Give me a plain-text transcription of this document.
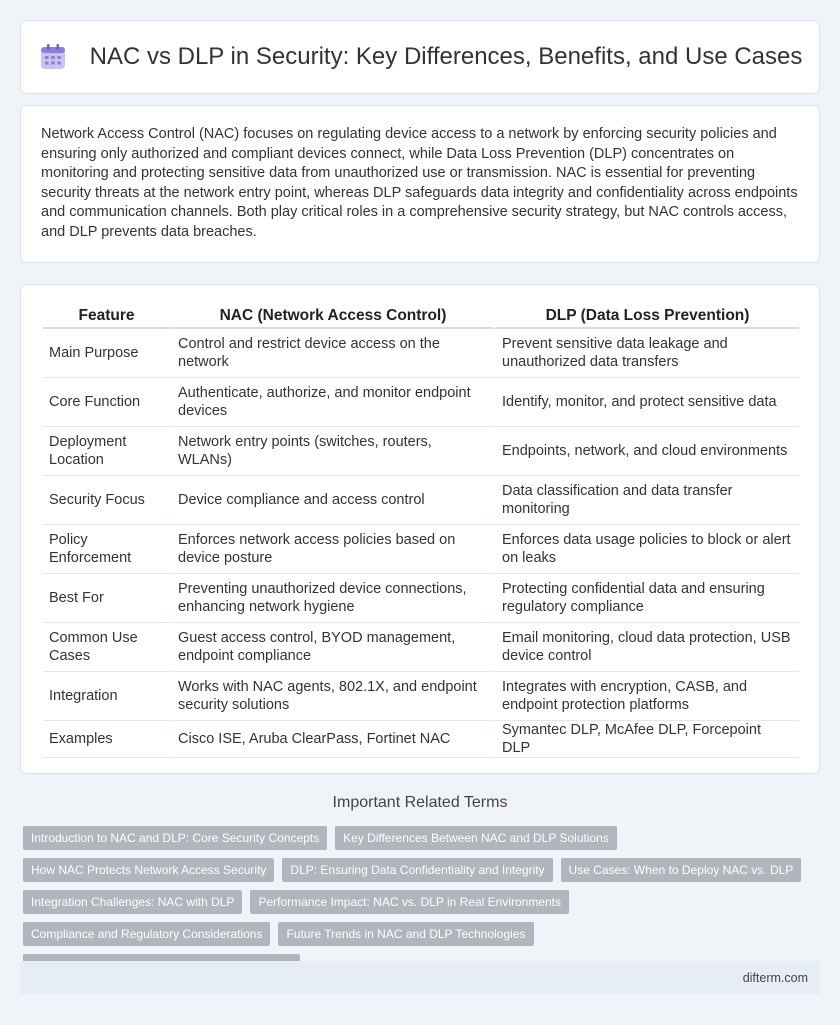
NAC vs DLP in Security: Key Differences, Benefits, and Use Cases

Network Access Control (NAC) focuses on regulating device access to a network by enforcing security policies and ensuring only authorized and compliant devices connect, while Data Loss Prevention (DLP) concentrates on monitoring and protecting sensitive data from unauthorized use or transmission. NAC is essential for preventing security threats at the network entry point, whereas DLP safeguards data integrity and confidentiality across endpoints and communication channels. Both play critical roles in a comprehensive security strategy, but NAC controls access, and DLP prevents data breaches.

Feature	NAC (Network Access Control)	DLP (Data Loss Prevention)
Main Purpose	Control and restrict device access on the network	Prevent sensitive data leakage and unauthorized data transfers
Core Function	Authenticate, authorize, and monitor endpoint devices	Identify, monitor, and protect sensitive data
Deployment Location	Network entry points (switches, routers, WLANs)	Endpoints, network, and cloud environments
Security Focus	Device compliance and access control	Data classification and data transfer monitoring
Policy Enforcement	Enforces network access policies based on device posture	Enforces data usage policies to block or alert on leaks
Best For	Preventing unauthorized device connections, enhancing network hygiene	Protecting confidential data and ensuring regulatory compliance
Common Use Cases	Guest access control, BYOD management, endpoint compliance	Email monitoring, cloud data protection, USB device control
Integration	Works with NAC agents, 802.1X, and endpoint security solutions	Integrates with encryption, CASB, and endpoint protection platforms
Examples	Cisco ISE, Aruba ClearPass, Fortinet NAC	Symantec DLP, McAfee DLP, Forcepoint DLP
Important Related Terms
Introduction to NAC and DLP: Core Security Concepts	Key Differences Between NAC and DLP Solutions
How NAC Protects Network Access Security	DLP: Ensuring Data Confidentiality and Integrity	Use Cases: When to Deploy NAC vs. DLP
Integration Challenges: NAC with DLP	Performance Impact: NAC vs. DLP in Real Environments
Compliance and Regulatory Considerations	Future Trends in NAC and DLP Technologies
difterm.com
